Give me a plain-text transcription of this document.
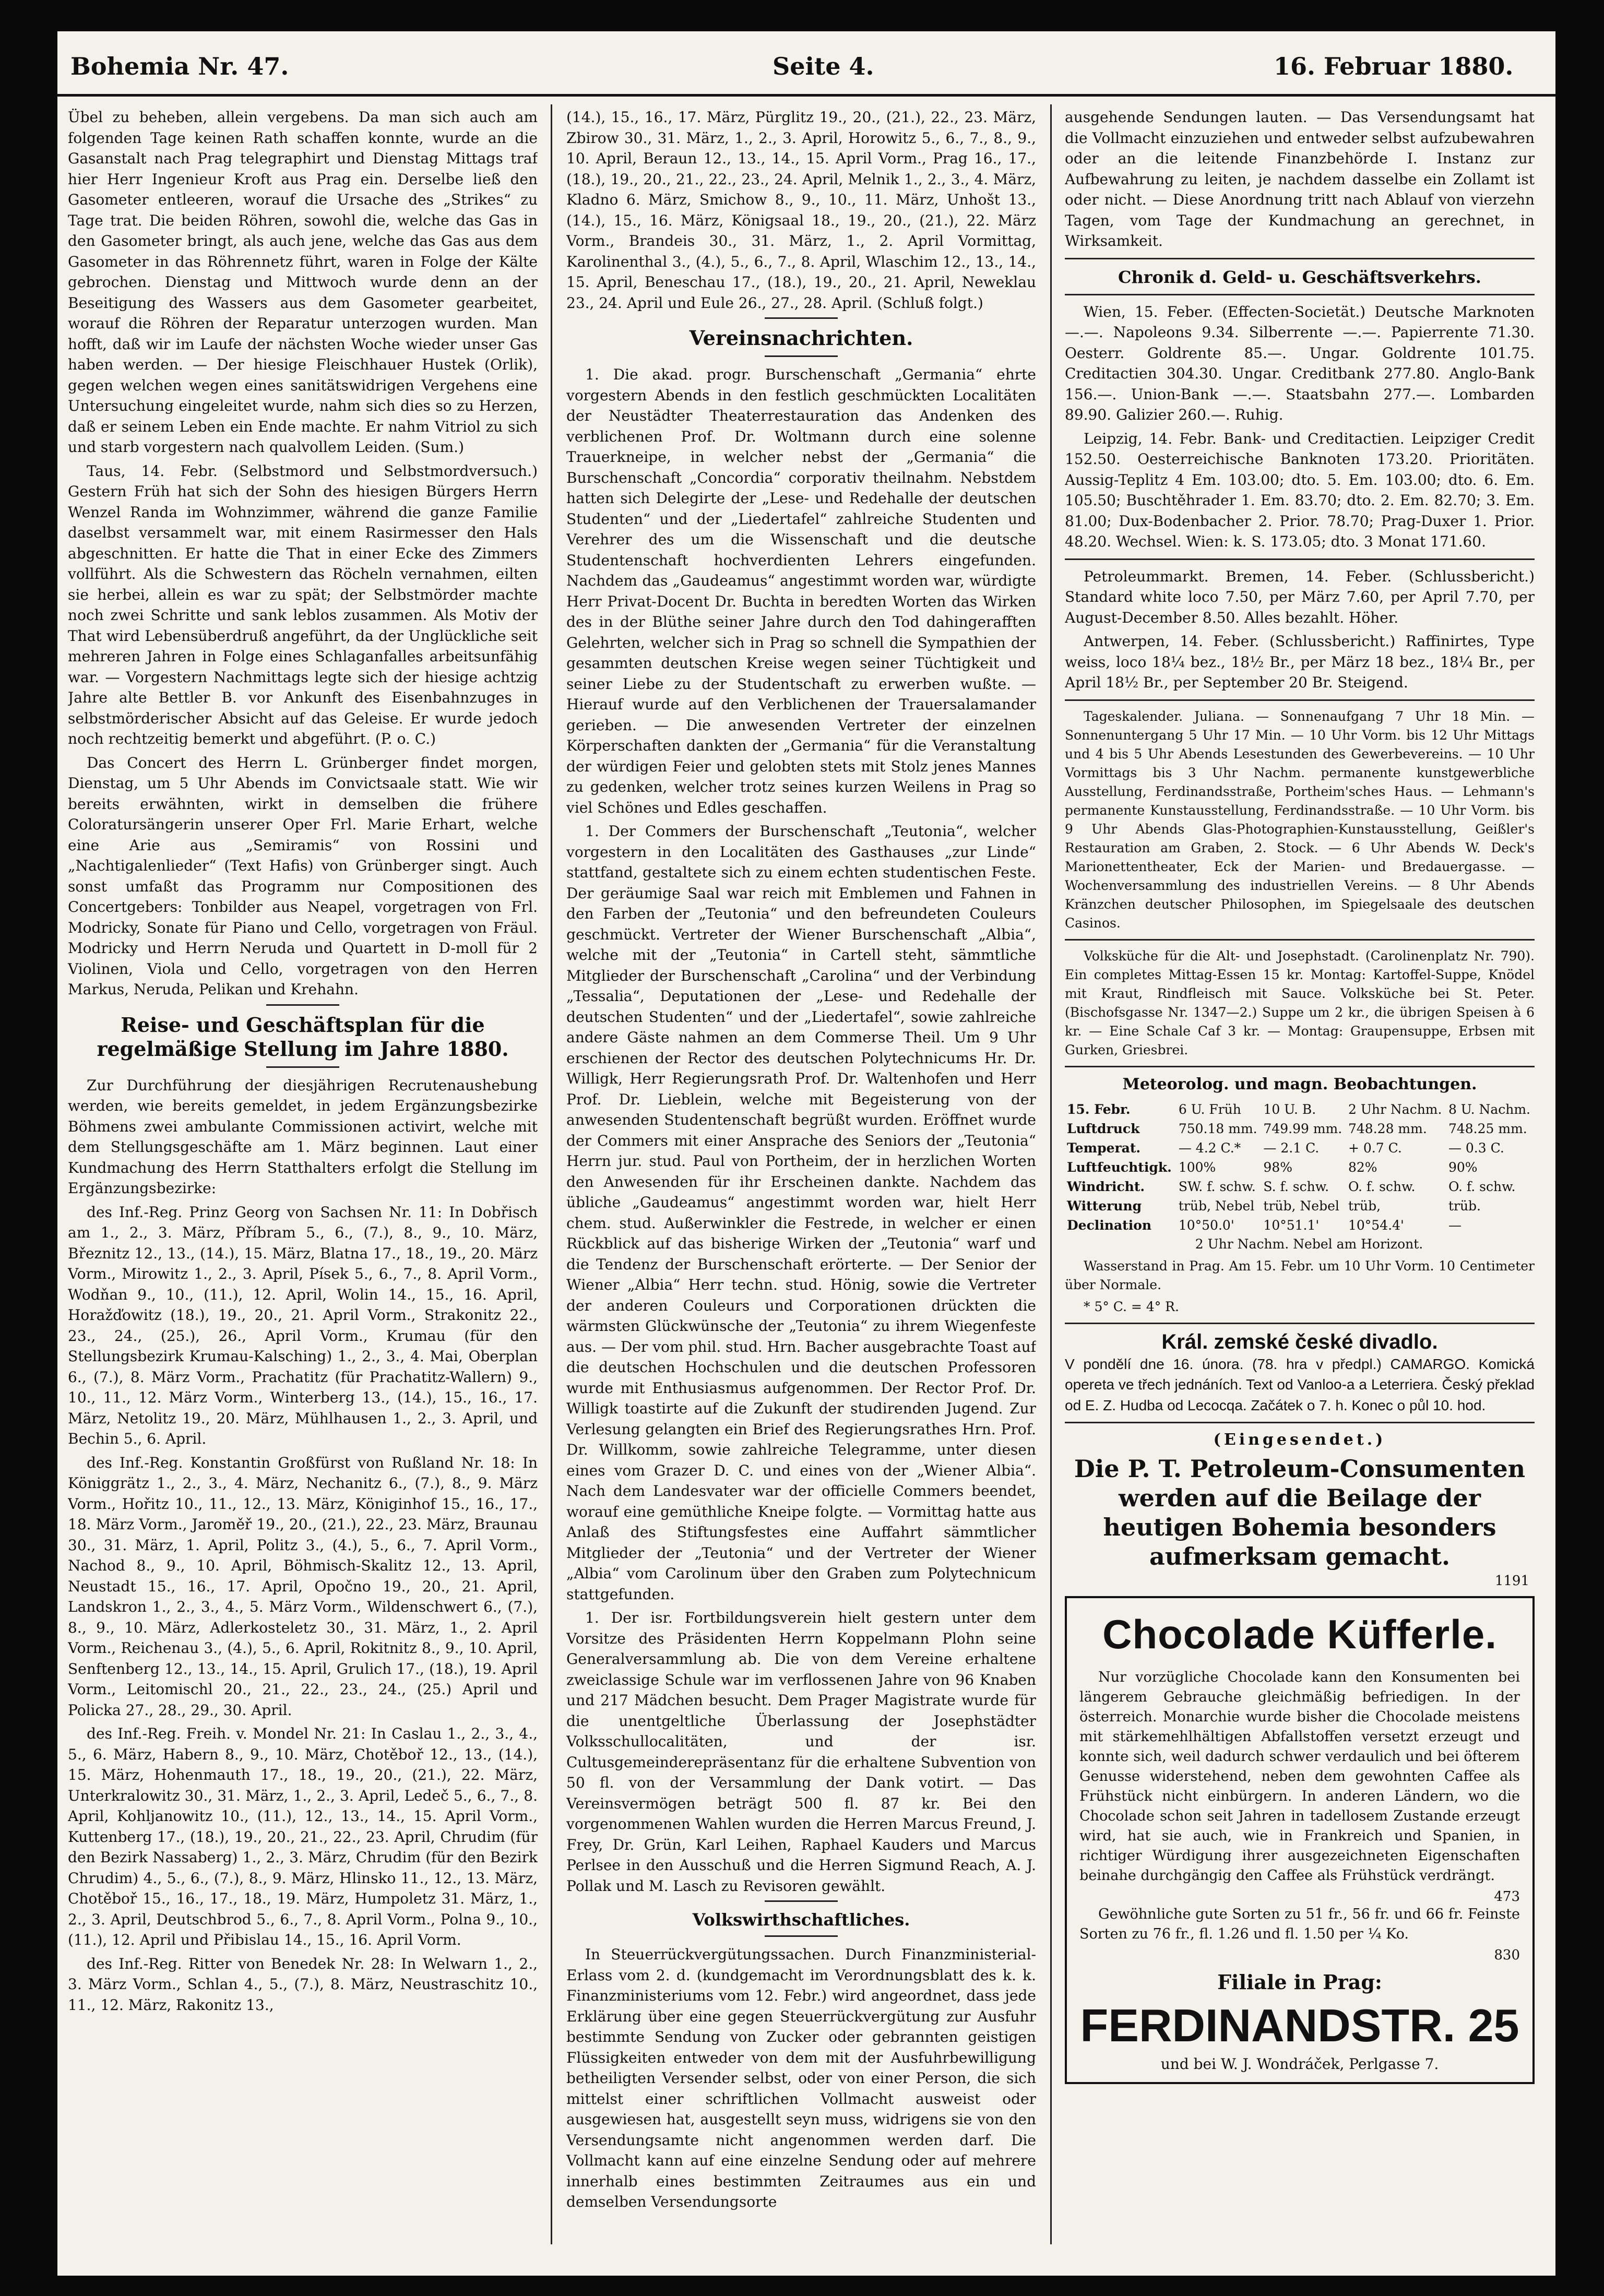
Bohemia Nr. 47.	Seite 4.	16. Februar 1880.

Übel zu beheben, allein vergebens. Da man sich auch am folgenden Tage keinen Rath schaffen konnte, wurde an die Gasanstalt nach Prag telegraphirt und Dienstag Mittags traf hier Herr Ingenieur Kroft aus Prag ein. Derselbe ließ den Gasometer entleeren, worauf die Ursache des „Strikes“ zu Tage trat. Die beiden Röhren, sowohl die, welche das Gas in den Gasometer bringt, als auch jene, welche das Gas aus dem Gasometer in das Röhrennetz führt, waren in Folge der Kälte gebrochen. Dienstag und Mittwoch wurde denn an der Beseitigung des Wassers aus dem Gasometer gearbeitet, worauf die Röhren der Reparatur unterzogen wurden. Man hofft, daß wir im Laufe der nächsten Woche wieder unser Gas haben werden. — Der hiesige Fleischhauer Hustek (Orlik), gegen welchen wegen eines sanitätswidrigen Vergehens eine Untersuchung eingeleitet wurde, nahm sich dies so zu Herzen, daß er seinem Leben ein Ende machte. Er nahm Vitriol zu sich und starb vorgestern nach qualvollem Leiden. (Sum.)

Taus, 14. Febr. (Selbstmord und Selbstmordversuch.) Gestern Früh hat sich der Sohn des hiesigen Bürgers Herrn Wenzel Randa im Wohnzimmer, während die ganze Familie daselbst versammelt war, mit einem Rasirmesser den Hals abgeschnitten. Er hatte die That in einer Ecke des Zimmers vollführt. Als die Schwestern das Röcheln vernahmen, eilten sie herbei, allein es war zu spät; der Selbstmörder machte noch zwei Schritte und sank leblos zusammen. Als Motiv der That wird Lebensüberdruß angeführt, da der Unglückliche seit mehreren Jahren in Folge eines Schlaganfalles arbeitsunfähig war. — Vorgestern Nachmittags legte sich der hiesige achtzig Jahre alte Bettler B. vor Ankunft des Eisenbahnzuges in selbstmörderischer Absicht auf das Geleise. Er wurde jedoch noch rechtzeitig bemerkt und abgeführt. (P. o. C.)

Das Concert des Herrn L. Grünberger findet morgen, Dienstag, um 5 Uhr Abends im Convictsaale statt. Wie wir bereits erwähnten, wirkt in demselben die frühere Coloratursängerin unserer Oper Frl. Marie Erhart, welche eine Arie aus „Semiramis“ von Rossini und „Nachtigalenlieder“ (Text Hafis) von Grünberger singt. Auch sonst umfaßt das Programm nur Compositionen des Concertgebers: Tonbilder aus Neapel, vorgetragen von Frl. Modricky, Sonate für Piano und Cello, vorgetragen von Fräul. Modricky und Herrn Neruda und Quartett in D-moll für 2 Violinen, Viola und Cello, vorgetragen von den Herren Markus, Neruda, Pelikan und Krehahn.

Reise- und Geschäftsplan für die regelmäßige Stellung im Jahre 1880.

Zur Durchführung der diesjährigen Recrutenaushebung werden, wie bereits gemeldet, in jedem Ergänzungsbezirke Böhmens zwei ambulante Commissionen activirt, welche mit dem Stellungsgeschäfte am 1. März beginnen. Laut einer Kundmachung des Herrn Statthalters erfolgt die Stellung im Ergänzungsbezirke:

des Inf.-Reg. Prinz Georg von Sachsen Nr. 11: In Dobřisch am 1., 2., 3. März, Příbram 5., 6., (7.), 8., 9., 10. März, Březnitz 12., 13., (14.), 15. März, Blatna 17., 18., 19., 20. März Vorm., Mirowitz 1., 2., 3. April, Písek 5., 6., 7., 8. April Vorm., Wodňan 9., 10., (11.), 12. April, Wolin 14., 15., 16. April, Horažďowitz (18.), 19., 20., 21. April Vorm., Strakonitz 22., 23., 24., (25.), 26., April Vorm., Krumau (für den Stellungsbezirk Krumau-Kalsching) 1., 2., 3., 4. Mai, Oberplan 6., (7.), 8. März Vorm., Prachatitz (für Prachatitz-Wallern) 9., 10., 11., 12. März Vorm., Winterberg 13., (14.), 15., 16., 17. März, Netolitz 19., 20. März, Mühlhausen 1., 2., 3. April, und Bechin 5., 6. April.

des Inf.-Reg. Konstantin Großfürst von Rußland Nr. 18: In Königgrätz 1., 2., 3., 4. März, Nechanitz 6., (7.), 8., 9. März Vorm., Hořitz 10., 11., 12., 13. März, Königinhof 15., 16., 17., 18. März Vorm., Jaroměř 19., 20., (21.), 22., 23. März, Braunau 30., 31. März, 1. April, Politz 3., (4.), 5., 6., 7. April Vorm., Nachod 8., 9., 10. April, Böhmisch-Skalitz 12., 13. April, Neustadt 15., 16., 17. April, Opočno 19., 20., 21. April, Landskron 1., 2., 3., 4., 5. März Vorm., Wildenschwert 6., (7.), 8., 9., 10. März, Adlerkosteletz 30., 31. März, 1., 2. April Vorm., Reichenau 3., (4.), 5., 6. April, Rokitnitz 8., 9., 10. April, Senftenberg 12., 13., 14., 15. April, Grulich 17., (18.), 19. April Vorm., Leitomischl 20., 21., 22., 23., 24., (25.) April und Policka 27., 28., 29., 30. April.

des Inf.-Reg. Freih. v. Mondel Nr. 21: In Caslau 1., 2., 3., 4., 5., 6. März, Habern 8., 9., 10. März, Chotěboř 12., 13., (14.), 15. März, Hohenmauth 17., 18., 19., 20., (21.), 22. März, Unterkralowitz 30., 31. März, 1., 2., 3. April, Ledeč 5., 6., 7., 8. April, Kohljanowitz 10., (11.), 12., 13., 14., 15. April Vorm., Kuttenberg 17., (18.), 19., 20., 21., 22., 23. April, Chrudim (für den Bezirk Nassaberg) 1., 2., 3. März, Chrudim (für den Bezirk Chrudim) 4., 5., 6., (7.), 8., 9. März, Hlinsko 11., 12., 13. März, Chotěboř 15., 16., 17., 18., 19. März, Humpoletz 31. März, 1., 2., 3. April, Deutschbrod 5., 6., 7., 8. April Vorm., Polna 9., 10., (11.), 12. April und Přibislau 14., 15., 16. April Vorm.

des Inf.-Reg. Ritter von Benedek Nr. 28: In Welwarn 1., 2., 3. März Vorm., Schlan 4., 5., (7.), 8. März, Neustraschitz 10., 11., 12. März, Rakonitz 13.,

(14.), 15., 16., 17. März, Pürglitz 19., 20., (21.), 22., 23. März, Zbirow 30., 31. März, 1., 2., 3. April, Horowitz 5., 6., 7., 8., 9., 10. April, Beraun 12., 13., 14., 15. April Vorm., Prag 16., 17., (18.), 19., 20., 21., 22., 23., 24. April, Melnik 1., 2., 3., 4. März, Kladno 6. März, Smichow 8., 9., 10., 11. März, Unhošt 13., (14.), 15., 16. März, Königsaal 18., 19., 20., (21.), 22. März Vorm., Brandeis 30., 31. März, 1., 2. April Vormittag, Karolinenthal 3., (4.), 5., 6., 7., 8. April, Wlaschim 12., 13., 14., 15. April, Beneschau 17., (18.), 19., 20., 21. April, Neweklau 23., 24. April und Eule 26., 27., 28. April. (Schluß folgt.)

Vereinsnachrichten.

1. Die akad. progr. Burschenschaft „Germania“ ehrte vorgestern Abends in den festlich geschmückten Localitäten der Neustädter Theaterrestauration das Andenken des verblichenen Prof. Dr. Woltmann durch eine solenne Trauerkneipe, in welcher nebst der „Germania“ die Burschenschaft „Concordia“ corporativ theilnahm. Nebstdem hatten sich Delegirte der „Lese- und Redehalle der deutschen Studenten“ und der „Liedertafel“ zahlreiche Studenten und Verehrer des um die Wissenschaft und die deutsche Studentenschaft hochverdienten Lehrers eingefunden. Nachdem das „Gaudeamus“ angestimmt worden war, würdigte Herr Privat-Docent Dr. Buchta in beredten Worten das Wirken des in der Blüthe seiner Jahre durch den Tod dahingerafften Gelehrten, welcher sich in Prag so schnell die Sympathien der gesammten deutschen Kreise wegen seiner Tüchtigkeit und seiner Liebe zu der Studentschaft zu erwerben wußte. — Hierauf wurde auf den Verblichenen der Trauersalamander gerieben. — Die anwesenden Vertreter der einzelnen Körperschaften dankten der „Germania“ für die Veranstaltung der würdigen Feier und gelobten stets mit Stolz jenes Mannes zu gedenken, welcher trotz seines kurzen Weilens in Prag so viel Schönes und Edles geschaffen.

1. Der Commers der Burschenschaft „Teutonia“, welcher vorgestern in den Localitäten des Gasthauses „zur Linde“ stattfand, gestaltete sich zu einem echten studentischen Feste. Der geräumige Saal war reich mit Emblemen und Fahnen in den Farben der „Teutonia“ und den befreundeten Couleurs geschmückt. Vertreter der Wiener Burschenschaft „Albia“, welche mit der „Teutonia“ in Cartell steht, sämmtliche Mitglieder der Burschenschaft „Carolina“ und der Verbindung „Tessalia“, Deputationen der „Lese- und Redehalle der deutschen Studenten“ und der „Liedertafel“, sowie zahlreiche andere Gäste nahmen an dem Commerse Theil. Um 9 Uhr erschienen der Rector des deutschen Polytechnicums Hr. Dr. Willigk, Herr Regierungsrath Prof. Dr. Waltenhofen und Herr Prof. Dr. Lieblein, welche mit Begeisterung von der anwesenden Studentenschaft begrüßt wurden. Eröffnet wurde der Commers mit einer Ansprache des Seniors der „Teutonia“ Herrn jur. stud. Paul von Portheim, der in herzlichen Worten den Anwesenden für ihr Erscheinen dankte. Nachdem das übliche „Gaudeamus“ angestimmt worden war, hielt Herr chem. stud. Außerwinkler die Festrede, in welcher er einen Rückblick auf das bisherige Wirken der „Teutonia“ warf und die Tendenz der Burschenschaft erörterte. — Der Senior der Wiener „Albia“ Herr techn. stud. Hönig, sowie die Vertreter der anderen Couleurs und Corporationen drückten die wärmsten Glückwünsche der „Teutonia“ zu ihrem Wiegenfeste aus. — Der vom phil. stud. Hrn. Bacher ausgebrachte Toast auf die deutschen Hochschulen und die deutschen Professoren wurde mit Enthusiasmus aufgenommen. Der Rector Prof. Dr. Willigk toastirte auf die Zukunft der studirenden Jugend. Zur Verlesung gelangten ein Brief des Regierungsrathes Hrn. Prof. Dr. Willkomm, sowie zahlreiche Telegramme, unter diesen eines vom Grazer D. C. und eines von der „Wiener Albia“. Nach dem Landesvater war der officielle Commers beendet, worauf eine gemüthliche Kneipe folgte. — Vormittag hatte aus Anlaß des Stiftungsfestes eine Auffahrt sämmtlicher Mitglieder der „Teutonia“ und der Vertreter der Wiener „Albia“ vom Carolinum über den Graben zum Polytechnicum stattgefunden.

1. Der isr. Fortbildungsverein hielt gestern unter dem Vorsitze des Präsidenten Herrn Koppelmann Plohn seine Generalversammlung ab. Die von dem Vereine erhaltene zweiclassige Schule war im verflossenen Jahre von 96 Knaben und 217 Mädchen besucht. Dem Prager Magistrate wurde für die unentgeltliche Überlassung der Josephstädter Volksschullocalitäten, und der isr. Cultusgemeinderepräsentanz für die erhaltene Subvention von 50 fl. von der Versammlung der Dank votirt. — Das Vereinsvermögen beträgt 500 fl. 87 kr. Bei den vorgenommenen Wahlen wurden die Herren Marcus Freund, J. Frey, Dr. Grün, Karl Leihen, Raphael Kauders und Marcus Perlsee in den Ausschuß und die Herren Sigmund Reach, A. J. Pollak und M. Lasch zu Revisoren gewählt.

Volkswirthschaftliches.

In Steuerrückvergütungssachen. Durch Finanzministerial-Erlass vom 2. d. (kundgemacht im Verordnungsblatt des k. k. Finanzministeriums vom 12. Febr.) wird angeordnet, dass jede Erklärung über eine gegen Steuerrückvergütung zur Ausfuhr bestimmte Sendung von Zucker oder gebrannten geistigen Flüssigkeiten entweder von dem mit der Ausfuhrbewilligung betheiligten Versender selbst, oder von einer Person, die sich mittelst einer schriftlichen Vollmacht ausweist oder ausgewiesen hat, ausgestellt seyn muss, widrigens sie von den Versendungsamte nicht angenommen werden darf. Die Vollmacht kann auf eine einzelne Sendung oder auf mehrere innerhalb eines bestimmten Zeitraumes aus ein und demselben Versendungsorte

ausgehende Sendungen lauten. — Das Versendungsamt hat die Vollmacht einzuziehen und entweder selbst aufzubewahren oder an die leitende Finanzbehörde I. Instanz zur Aufbewahrung zu leiten, je nachdem dasselbe ein Zollamt ist oder nicht. — Diese Anordnung tritt nach Ablauf von vierzehn Tagen, vom Tage der Kundmachung an gerechnet, in Wirksamkeit.

Chronik d. Geld- u. Geschäftsverkehrs.

Wien, 15. Feber. (Effecten-Societät.) Deutsche Marknoten —.—. Napoleons 9.34. Silberrente —.—. Papierrente 71.30. Oesterr. Goldrente 85.—. Ungar. Goldrente 101.75. Creditactien 304.30. Ungar. Creditbank 277.80. Anglo-Bank 156.—. Union-Bank —.—. Staatsbahn 277.—. Lombarden 89.90. Galizier 260.—. Ruhig.

Leipzig, 14. Febr. Bank- und Creditactien. Leipziger Credit 152.50. Oesterreichische Banknoten 173.20. Prioritäten. Aussig-Teplitz 4 Em. 103.00; dto. 5. Em. 103.00; dto. 6. Em. 105.50; Buschtěhrader 1. Em. 83.70; dto. 2. Em. 82.70; 3. Em. 81.00; Dux-Bodenbacher 2. Prior. 78.70; Prag-Duxer 1. Prior. 48.20. Wechsel. Wien: k. S. 173.05; dto. 3 Monat 171.60.

Petroleummarkt. Bremen, 14. Feber. (Schlussbericht.) Standard white loco 7.50, per März 7.60, per April 7.70, per August-December 8.50. Alles bezahlt. Höher.

Antwerpen, 14. Feber. (Schlussbericht.) Raffinirtes, Type weiss, loco 18¼ bez., 18½ Br., per März 18 bez., 18¼ Br., per April 18½ Br., per September 20 Br. Steigend.

Tageskalender. Juliana. — Sonnenaufgang 7 Uhr 18 Min. — Sonnenuntergang 5 Uhr 17 Min. — 10 Uhr Vorm. bis 12 Uhr Mittags und 4 bis 5 Uhr Abends Lesestunden des Gewerbevereins. — 10 Uhr Vormittags bis 3 Uhr Nachm. permanente kunstgewerbliche Ausstellung, Ferdinandsstraße, Portheim'sches Haus. — Lehmann's permanente Kunstausstellung, Ferdinandsstraße. — 10 Uhr Vorm. bis 9 Uhr Abends Glas-Photographien-Kunstausstellung, Geißler's Restauration am Graben, 2. Stock. — 6 Uhr Abends W. Deck's Marionettentheater, Eck der Marien- und Bredauergasse. — Wochenversammlung des industriellen Vereins. — 8 Uhr Abends Kränzchen deutscher Philosophen, im Spiegelsaale des deutschen Casinos.

Volksküche für die Alt- und Josephstadt. (Carolinenplatz Nr. 790). Ein completes Mittag-Essen 15 kr. Montag: Kartoffel-Suppe, Knödel mit Kraut, Rindfleisch mit Sauce. Volksküche bei St. Peter. (Bischofsgasse Nr. 1347—2.) Suppe um 2 kr., die übrigen Speisen à 6 kr. — Eine Schale Caf 3 kr. — Montag: Graupensuppe, Erbsen mit Gurken, Griesbrei.

Meteorolog. und magn. Beobachtungen.
15. Febr.	6 U. Früh	10 U. B.	2 Uhr Nachm.	8 U. Nachm.
Luftdruck	750.18 mm.	749.99 mm.	748.28 mm.	748.25 mm.
Temperat.	— 4.2 C.*	— 2.1 C.	+ 0.7 C.	— 0.3 C.
Luftfeuchtigk.	100%	98%	82%	90%
Windricht.	SW. f. schw.	S. f. schw.	O. f. schw.	O. f. schw.
Witterung	trüb, Nebel	trüb, Nebel	trüb,	trüb.
Declination	10°50.0'	10°51.1'	10°54.4'	—

2 Uhr Nachm. Nebel am Horizont.

Wasserstand in Prag. Am 15. Febr. um 10 Uhr Vorm. 10 Centimeter über Normale.

* 5° C. = 4° R.

Král. zemské české divadlo.

V pondělí dne 16. února. (78. hra v předpl.) CAMARGO. Komická opereta ve třech jednáních. Text od Vanloo-a a Leterriera. Český překlad od E. Z. Hudba od Lecocqa. Začátek o 7. h. Konec o půl 10. hod.

(Eingesendet.)
Die P. T. Petroleum-Consumenten werden auf die Beilage der heutigen Bohemia besonders aufmerksam gemacht.
1191
Chocolade Küfferle.

Nur vorzügliche Chocolade kann den Konsumenten bei längerem Gebrauche gleichmäßig befriedigen. In der österreich. Monarchie wurde bisher die Chocolade meistens mit stärkemehlhältigen Abfallstoffen versetzt erzeugt und konnte sich, weil dadurch schwer verdaulich und bei öfterem Genusse widerstehend, neben dem gewohnten Caffee als Frühstück nicht einbürgern. In anderen Ländern, wo die Chocolade schon seit Jahren in tadellosem Zustande erzeugt wird, hat sie auch, wie in Frankreich und Spanien, in richtiger Würdigung ihrer ausgezeichneten Eigenschaften beinahe durchgängig den Caffee als Frühstück verdrängt.

473

Gewöhnliche gute Sorten zu 51 fr., 56 fr. und 66 fr. Feinste Sorten zu 76 fr., fl. 1.26 und fl. 1.50 per ¼ Ko.

830
Filiale in Prag:
FERDINANDSTR. 25
und bei W. J. Wondráček, Perlgasse 7.
